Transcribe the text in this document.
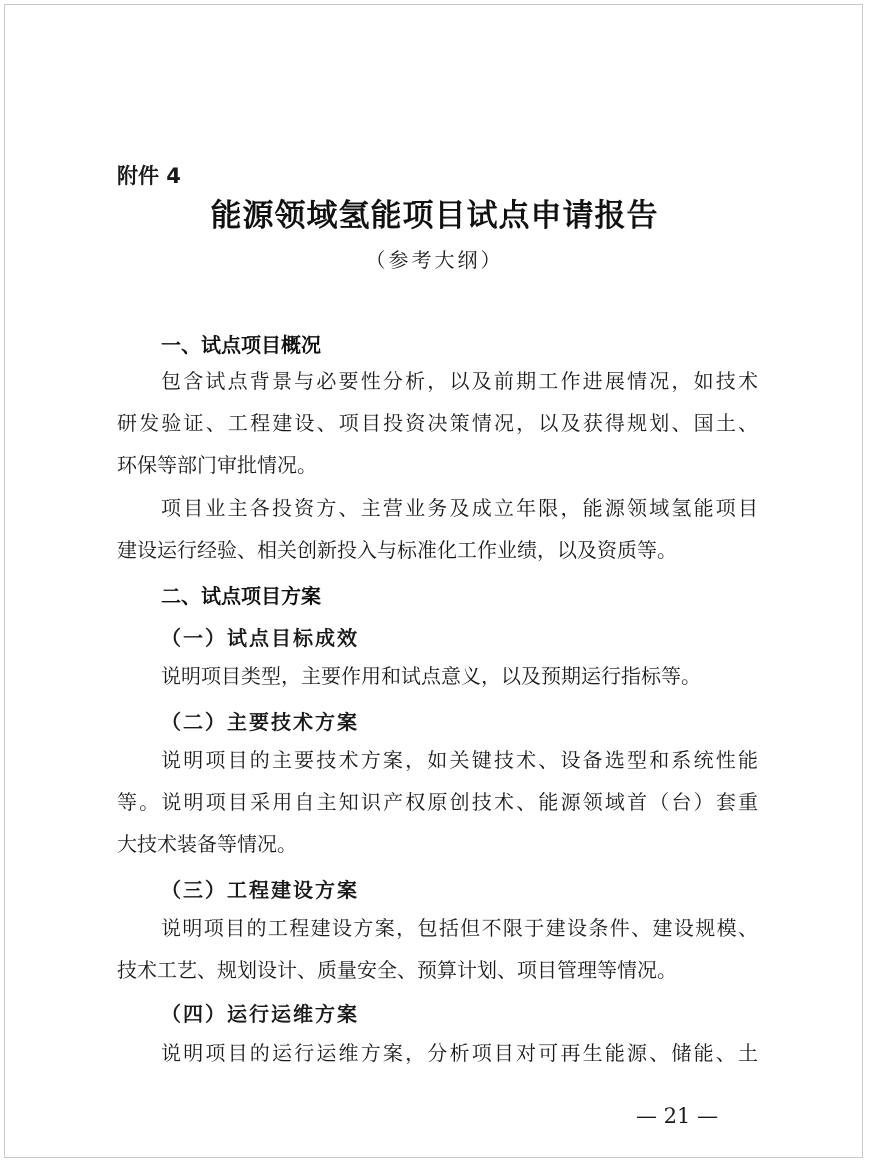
附件 4
能源领域氢能项目试点申请报告
（参考大纲）
一、试点项目概况
包含试点背景与必要性分析，以及前期工作进展情况，如技术
研发验证、工程建设、项目投资决策情况，以及获得规划、国土、
环保等部门审批情况。
项目业主各投资方、主营业务及成立年限，能源领域氢能项目
建设运行经验、相关创新投入与标准化工作业绩，以及资质等。
二、试点项目方案
（一）试点目标成效
说明项目类型，主要作用和试点意义，以及预期运行指标等。
（二）主要技术方案
说明项目的主要技术方案，如关键技术、设备选型和系统性能
等。说明项目采用自主知识产权原创技术、能源领域首（台）套重
大技术装备等情况。
（三）工程建设方案
说明项目的工程建设方案，包括但不限于建设条件、建设规模、
技术工艺、规划设计、质量安全、预算计划、项目管理等情况。
（四）运行运维方案
说明项目的运行运维方案，分析项目对可再生能源、储能、土
— 21 —
